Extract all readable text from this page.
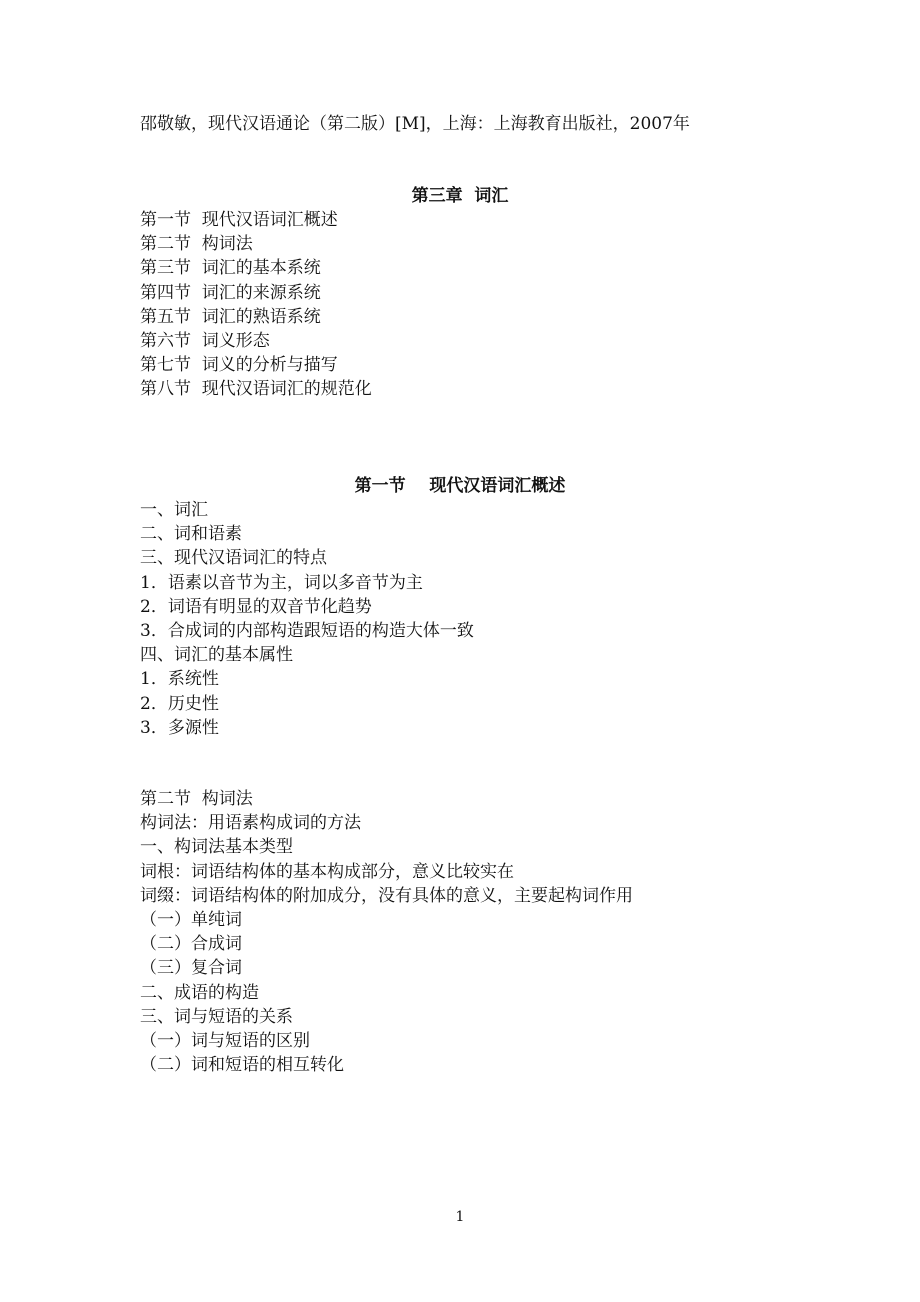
邵敬敏，现代汉语通论（第二版）[M]，上海：上海教育出版社，2007年
第三章  词汇
第一节  现代汉语词汇概述
第二节  构词法
第三节  词汇的基本系统
第四节  词汇的来源系统
第五节  词汇的熟语系统
第六节  词义形态
第七节  词义的分析与描写
第八节  现代汉语词汇的规范化
第一节    现代汉语词汇概述
一、词汇
二、词和语素
三、现代汉语词汇的特点
1．语素以音节为主，词以多音节为主
2．词语有明显的双音节化趋势
3．合成词的内部构造跟短语的构造大体一致
四、词汇的基本属性
1．系统性
2．历史性
3．多源性
第二节  构词法
构词法：用语素构成词的方法
一、构词法基本类型
词根：词语结构体的基本构成部分，意义比较实在
词缀：词语结构体的附加成分，没有具体的意义，主要起构词作用
（一）单纯词
（二）合成词
（三）复合词
二、成语的构造
三、词与短语的关系
（一）词与短语的区别
（二）词和短语的相互转化
1
